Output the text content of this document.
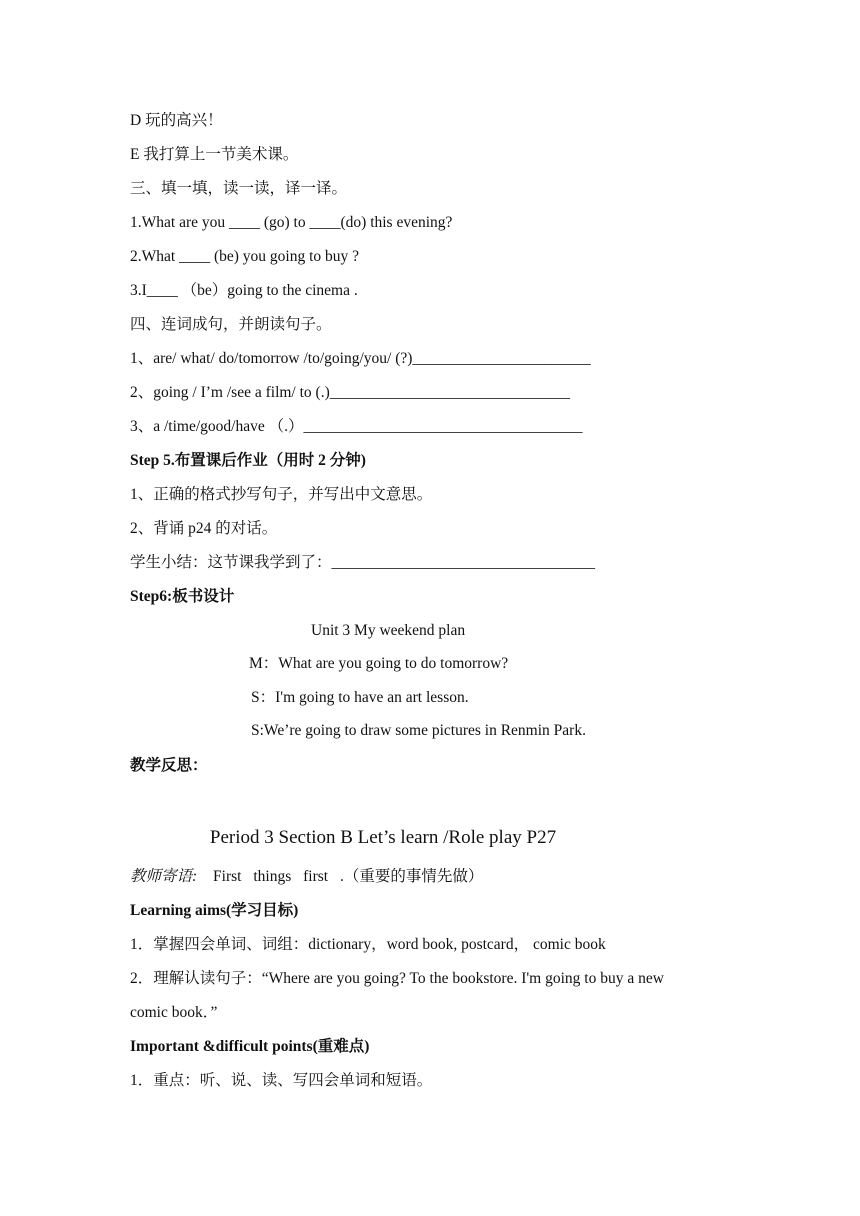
D 玩的高兴！
E 我打算上一节美术课。
三、填一填，读一读，译一译。
1.What are you ____ (go) to ____(do) this evening?
2.What ____ (be) you going to buy ?
3.I____ （be）going to the cinema .
四、连词成句，并朗读句子。
1、are/ what/ do/tomorrow /to/going/you/ (?)_______________________
2、going / I’m /see a film/ to (.)_______________________________
3、a /time/good/have （.）____________________________________
Step 5.布置课后作业（用时 2 分钟)
1、正确的格式抄写句子，并写出中文意思。
2、背诵 p24 的对话。
学生小结：这节课我学到了：__________________________________
Step6:板书设计
Unit 3 My weekend plan
M：What are you going to do tomorrow?
S：I'm going to have an art lesson.
S:We’re going to draw some pictures in Renmin Park.
教学反思：
Period 3 Section B Let’s learn /Role play P27
教师寄语: First things first .（重要的事情先做）
Learning aims(学习目标)
1．掌握四会单词、词组：dictionary，word book, postcard， comic book
2．理解认读句子：“Where are you going? To the bookstore. I'm going to buy a new
comic book．”
Important &difficult points(重难点)
1．重点：听、说、读、写四会单词和短语。
